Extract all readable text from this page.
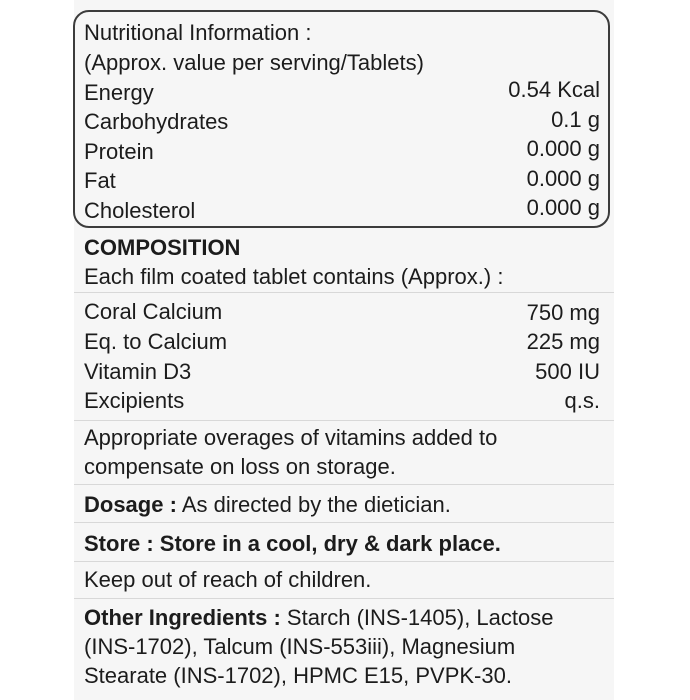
Nutritional Information :
(Approx. value per serving/Tablets)
Energy	0.54 Kcal
Carbohydrates	0.1 g
Protein	0.000 g
Fat	0.000 g
Cholesterol	0.000 g
COMPOSITION
Each film coated tablet contains (Approx.) :
Coral Calcium	750 mg
Eq. to Calcium	225 mg
Vitamin D3	500 IU
Excipients	q.s.
Appropriate overages of vitamins added to
compensate on loss on storage.
Dosage : As directed by the dietician.
Store : Store in a cool, dry & dark place.
Keep out of reach of children.
Other Ingredients : Starch (INS-1405), Lactose
(INS-1702), Talcum (INS-553iii), Magnesium
Stearate (INS-1702), HPMC E15, PVPK-30.
